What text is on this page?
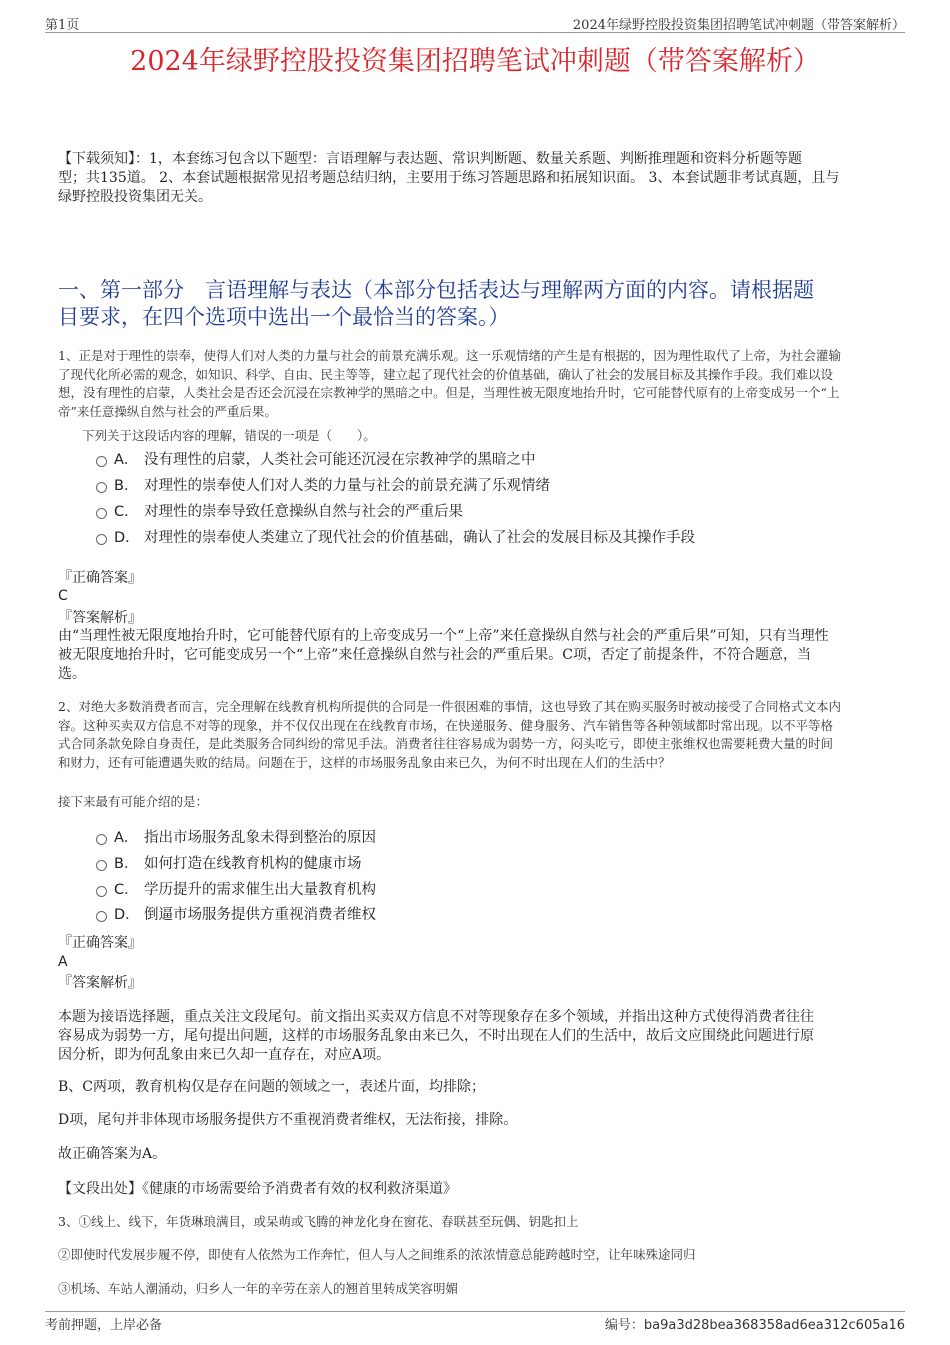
第1页	2024年绿野控股投资集团招聘笔试冲刺题（带答案解析）
2024年绿野控股投资集团招聘笔试冲刺题（带答案解析）
【下载须知】：1，本套练习包含以下题型：言语理解与表达题、常识判断题、数量关系题、判断推理题和资料分析题等题
型；共135道。 2、本套试题根据常见招考题总结归纳，主要用于练习答题思路和拓展知识面。 3、本套试题非考试真题，且与
绿野控股投资集团无关。
一、第一部分　言语理解与表达（本部分包括表达与理解两方面的内容。请根据题
目要求，在四个选项中选出一个最恰当的答案。）
1、正是对于理性的崇奉，使得人们对人类的力量与社会的前景充满乐观。这一乐观情绪的产生是有根据的，因为理性取代了上帝，为社会灌输
了现代化所必需的观念，如知识、科学、自由、民主等等，建立起了现代社会的价值基础，确认了社会的发展目标及其操作手段。我们难以设
想，没有理性的启蒙，人类社会是否还会沉浸在宗教神学的黑暗之中。但是，当理性被无限度地抬升时，它可能替代原有的上帝变成另一个“上
帝”来任意操纵自然与社会的严重后果。
下列关于这段话内容的理解，错误的一项是（　　）。
A． 没有理性的启蒙，人类社会可能还沉浸在宗教神学的黑暗之中
B． 对理性的崇奉使人们对人类的力量与社会的前景充满了乐观情绪
C． 对理性的崇奉导致任意操纵自然与社会的严重后果
D． 对理性的崇奉使人类建立了现代社会的价值基础，确认了社会的发展目标及其操作手段
『正确答案』
C
『答案解析』
由“当理性被无限度地抬升时，它可能替代原有的上帝变成另一个“上帝”来任意操纵自然与社会的严重后果”可知，只有当理性
被无限度地抬升时，它可能变成另一个“上帝”来任意操纵自然与社会的严重后果。C项，否定了前提条件，不符合题意，当
选。
2、对绝大多数消费者而言，完全理解在线教育机构所提供的合同是一件很困难的事情，这也导致了其在购买服务时被动接受了合同格式文本内
容。这种买卖双方信息不对等的现象，并不仅仅出现在在线教育市场，在快递服务、健身服务、汽车销售等各种领域都时常出现。以不平等格
式合同条款免除自身责任，是此类服务合同纠纷的常见手法。消费者往往容易成为弱势一方，闷头吃亏，即使主张维权也需要耗费大量的时间
和财力，还有可能遭遇失败的结局。问题在于，这样的市场服务乱象由来已久，为何不时出现在人们的生活中？
接下来最有可能介绍的是：
A． 指出市场服务乱象未得到整治的原因
B． 如何打造在线教育机构的健康市场
C． 学历提升的需求催生出大量教育机构
D． 倒逼市场服务提供方重视消费者维权
『正确答案』
A
『答案解析』
本题为接语选择题，重点关注文段尾句。前文指出买卖双方信息不对等现象存在多个领域，并指出这种方式使得消费者往往
容易成为弱势一方，尾句提出问题，这样的市场服务乱象由来已久，不时出现在人们的生活中，故后文应围绕此问题进行原
因分析，即为何乱象由来已久却一直存在，对应A项。
B、C两项，教育机构仅是存在问题的领域之一，表述片面，均排除；
D项，尾句并非体现市场服务提供方不重视消费者维权，无法衔接，排除。
故正确答案为A。
【文段出处】《健康的市场需要给予消费者有效的权利救济渠道》
3、①线上、线下，年货琳琅满目，或呆萌或飞腾的神龙化身在窗花、春联甚至玩偶、钥匙扣上
②即使时代发展步履不停，即使有人依然为工作奔忙，但人与人之间维系的浓浓情意总能跨越时空，让年味殊途同归
③机场、车站人潮涌动，归乡人一年的辛劳在亲人的翘首里转成笑容明媚
考前押题，上岸必备	编号：ba9a3d28bea368358ad6ea312c605a16
